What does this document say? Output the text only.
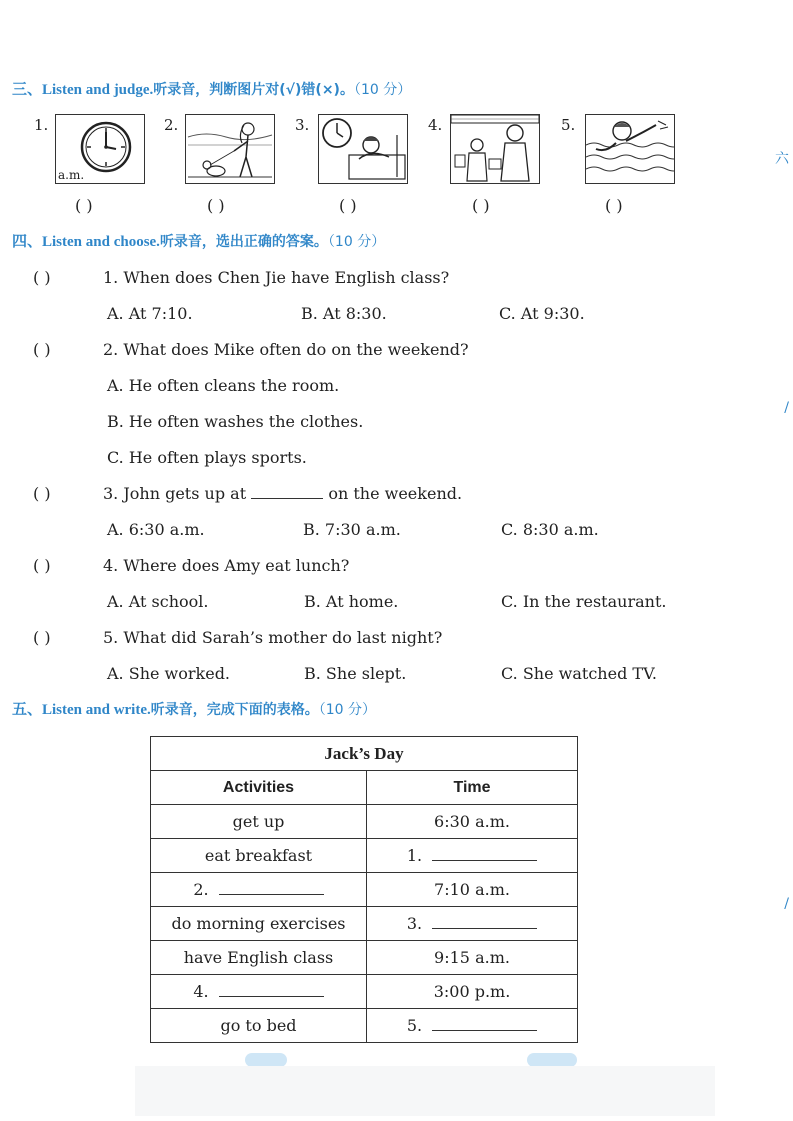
三、Listen and judge.听录音，判断图片对(√)错(×)。（10 分）
1.
a.m.
2.	3.	4.	5.
( )	( )	( )	( )	( )
四、Listen and choose.听录音，选出正确的答案。（10 分）
( )	1. When does Chen Jie have English class?
A. At 7:10.	B. At 8:30.	C. At 9:30.
( )	2. What does Mike often do on the weekend?
A. He often cleans the room.
B. He often washes the clothes.
C. He often plays sports.
( )	3. John gets up at	on the weekend.
A. 6:30 a.m.	B. 7:30 a.m.	C. 8:30 a.m.
( )	4. Where does Amy eat lunch?
A. At school.	B. At home.	C. In the restaurant.
( )	5. What did Sarah’s mother do last night?
A. She worked.	B. She slept.	C. She watched TV.
五、Listen and write.听录音，完成下面的表格。（10 分）
Jack’s Day	
Activities	Time
get up	6:30 a.m.
eat breakfast	1.
2.	7:10 a.m.
do morning exercises	3.
have English class	9:15 a.m.
4.	3:00 p.m.
go to bed	5.
六
/
/
